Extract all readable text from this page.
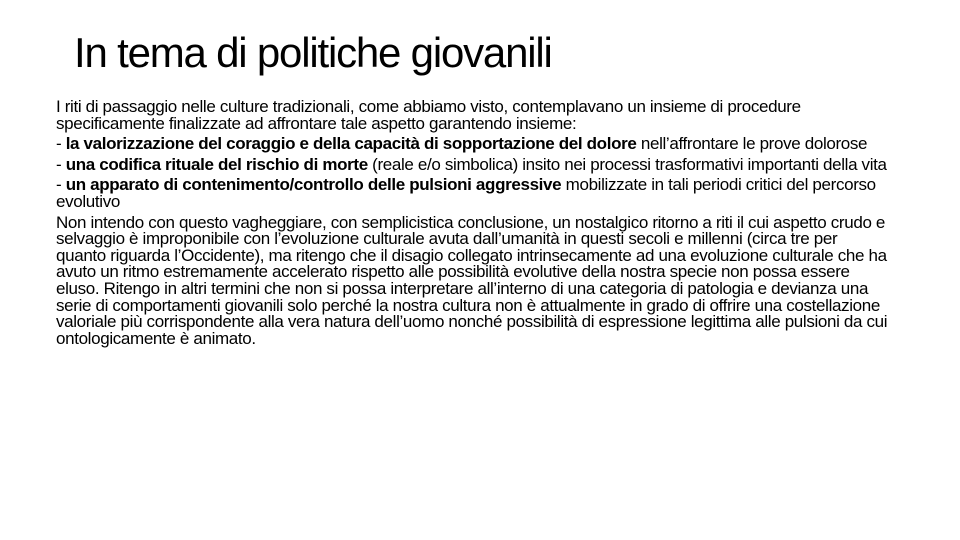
In tema di politiche giovanili

I riti di passaggio nelle culture tradizionali, come abbiamo visto, contemplavano un insieme di procedure specificamente finalizzate ad affrontare tale aspetto garantendo insieme:

- la valorizzazione del coraggio e della capacità di sopportazione del dolore nell’affrontare le prove dolorose

- una codifica rituale del rischio di morte (reale e/o simbolica) insito nei processi trasformativi importanti della vita

- un apparato di contenimento/controllo delle pulsioni aggressive mobilizzate in tali periodi critici del percorso evolutivo

Non intendo con questo vagheggiare, con semplicistica conclusione, un nostalgico ritorno a riti il cui aspetto crudo e selvaggio è improponibile con l’evoluzione culturale avuta dall’umanità in questi secoli e millenni (circa tre per quanto riguarda l’Occidente), ma ritengo che il disagio collegato intrinsecamente ad una evoluzione culturale che ha avuto un ritmo estremamente accelerato rispetto alle possibilità evolutive della nostra specie non possa essere eluso. Ritengo in altri termini che non si possa interpretare all’interno di una categoria di patologia e devianza una serie di comportamenti giovanili solo perché la nostra cultura non è attualmente in grado di offrire una costellazione valoriale più corrispondente alla vera natura dell’uomo nonché possibilità di espressione legittima alle pulsioni da cui ontologicamente è animato.
